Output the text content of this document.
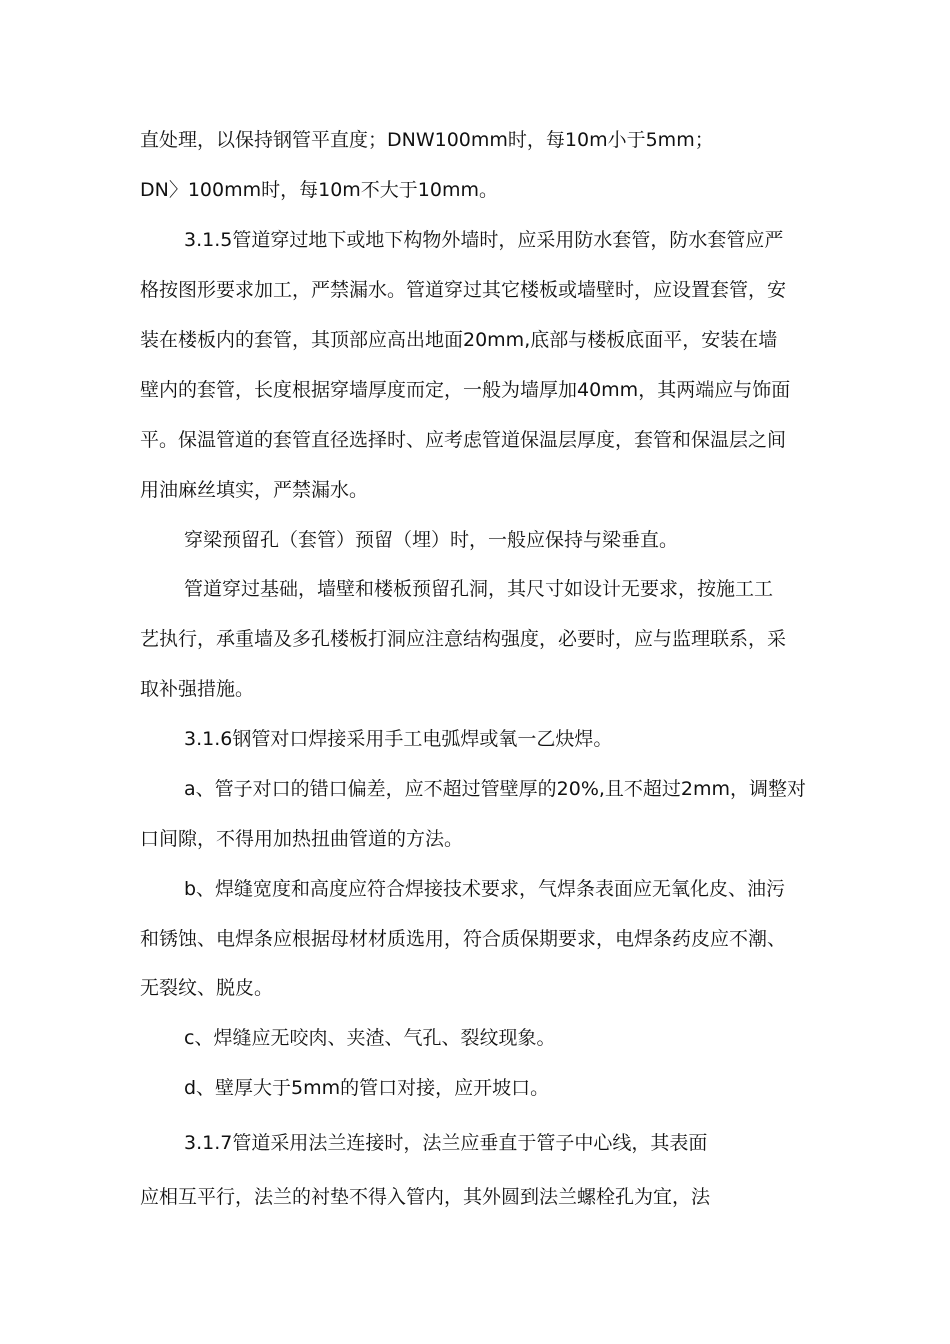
直处理，以保持钢管平直度；DNW100mm时，每10m小于5mm；
DN〉100mm时，每10m不大于10mm。
3.1.5管道穿过地下或地下构物外墙时，应采用防水套管，防水套管应严
格按图形要求加工，严禁漏水。管道穿过其它楼板或墙壁时，应设置套管，安
装在楼板内的套管，其顶部应高出地面20mm,底部与楼板底面平，安装在墙
壁内的套管，长度根据穿墙厚度而定，一般为墙厚加40mm，其两端应与饰面
平。保温管道的套管直径选择时、应考虑管道保温层厚度，套管和保温层之间
用油麻丝填实，严禁漏水。
穿梁预留孔（套管）预留（埋）时，一般应保持与梁垂直。
管道穿过基础，墙壁和楼板预留孔洞，其尺寸如设计无要求，按施工工
艺执行，承重墙及多孔楼板打洞应注意结构强度，必要时，应与监理联系，采
取补强措施。
3.1.6钢管对口焊接采用手工电弧焊或氧一乙炔焊。
a、管子对口的错口偏差，应不超过管壁厚的20%,且不超过2mm，调整对
口间隙，不得用加热扭曲管道的方法。
b、焊缝宽度和高度应符合焊接技术要求，气焊条表面应无氧化皮、油污
和锈蚀、电焊条应根据母材材质选用，符合质保期要求，电焊条药皮应不潮、
无裂纹、脱皮。
c、焊缝应无咬肉、夹渣、气孔、裂纹现象。
d、壁厚大于5mm的管口对接，应开坡口。
3.1.7管道采用法兰连接时，法兰应垂直于管子中心线，其表面
应相互平行，法兰的衬垫不得入管内，其外圆到法兰螺栓孔为宜，法
